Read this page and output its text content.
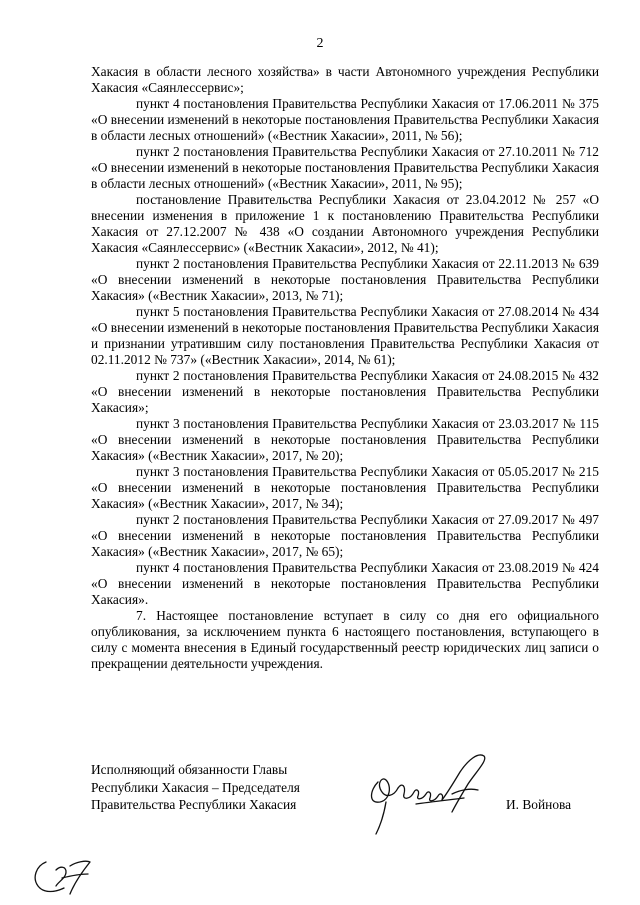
2

Хакасия в области лесного хозяйства» в части Автономного учреждения Республики Хакасия «Саянлессервис»;

пункт 4 постановления Правительства Республики Хакасия от 17.06.2011 № 375 «О внесении изменений в некоторые постановления Правительства Республики Хакасия в области лесных отношений» («Вестник Хакасии», 2011, № 56);

пункт 2 постановления Правительства Республики Хакасия от 27.10.2011 № 712 «О внесении изменений в некоторые постановления Правительства Республики Хакасия в области лесных отношений» («Вестник Хакасии», 2011, № 95);

постановление Правительства Республики Хакасия от 23.04.2012 № 257 «О внесении изменения в приложение 1 к постановлению Правительства Республики Хакасия от 27.12.2007 № 438 «О создании Автономного учреждения Республики Хакасия «Саянлессервис» («Вестник Хакасии», 2012, № 41);

пункт 2 постановления Правительства Республики Хакасия от 22.11.2013 № 639 «О внесении изменений в некоторые постановления Правительства Республики Хакасия» («Вестник Хакасии», 2013, № 71);

пункт 5 постановления Правительства Республики Хакасия от 27.08.2014 № 434 «О внесении изменений в некоторые постановления Правительства Республики Хакасия и признании утратившим силу постановления Правительства Республики Хакасия от 02.11.2012 № 737» («Вестник Хакасии», 2014, № 61);

пункт 2 постановления Правительства Республики Хакасия от 24.08.2015 № 432 «О внесении изменений в некоторые постановления Правительства Республики Хакасия»;

пункт 3 постановления Правительства Республики Хакасия от 23.03.2017 № 115 «О внесении изменений в некоторые постановления Правительства Республики Хакасия» («Вестник Хакасии», 2017, № 20);

пункт 3 постановления Правительства Республики Хакасия от 05.05.2017 № 215 «О внесении изменений в некоторые постановления Правительства Республики Хакасия» («Вестник Хакасии», 2017, № 34);

пункт 2 постановления Правительства Республики Хакасия от 27.09.2017 № 497 «О внесении изменений в некоторые постановления Правительства Республики Хакасия» («Вестник Хакасии», 2017, № 65);

пункт 4 постановления Правительства Республики Хакасия от 23.08.2019 № 424 «О внесении изменений в некоторые постановления Правительства Республики Хакасия».

7. Настоящее постановление вступает в силу со дня его официального опубликования, за исключением пункта 6 настоящего постановления, вступающего в силу с момента внесения в Единый государственный реестр юридических лиц записи о прекращении деятельности учреждения.

Исполняющий обязанности Главы
Республики Хакасия – Председателя
Правительства Республики Хакасия	И. Войнова
